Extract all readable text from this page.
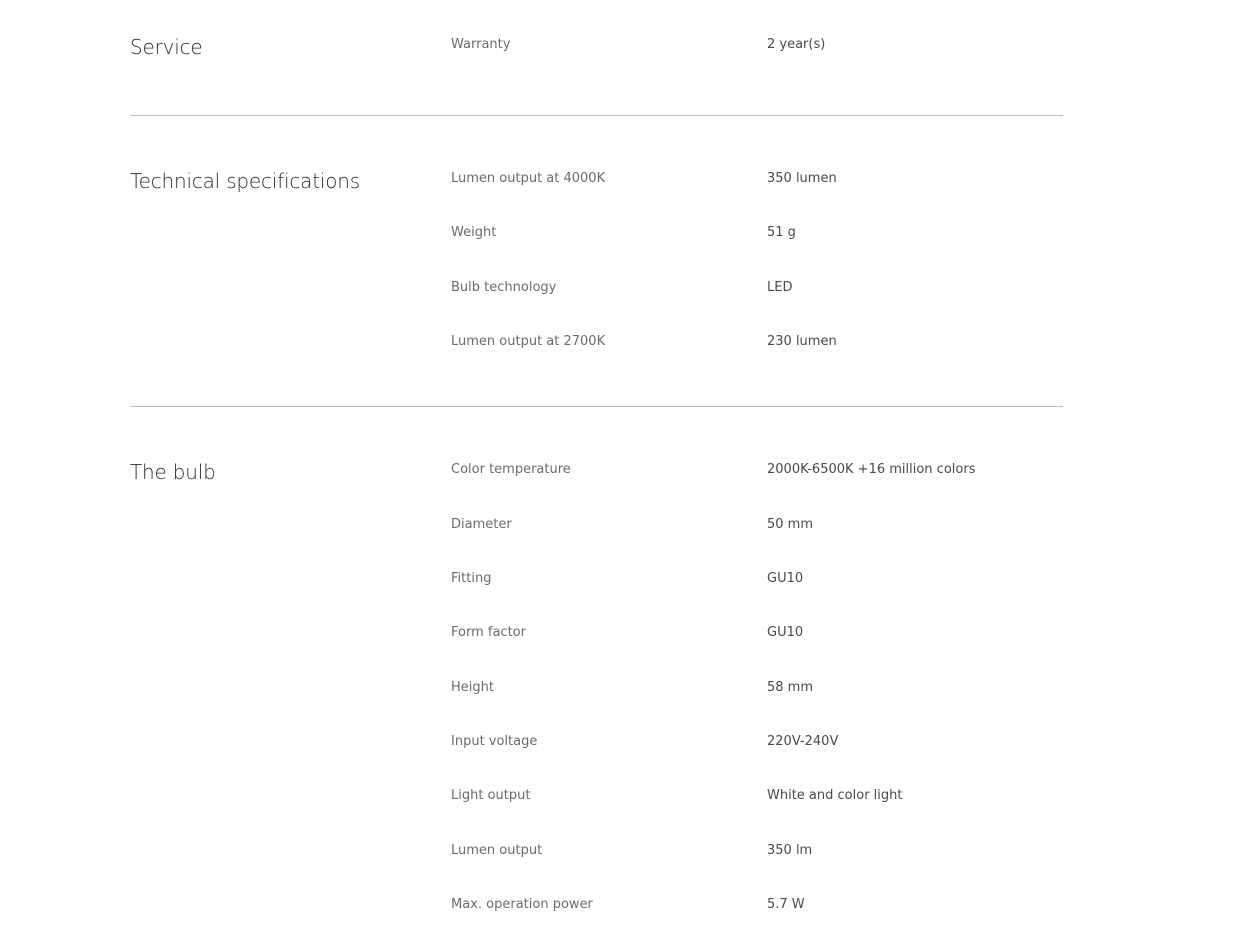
Service	Warranty	2 year(s)
Technical specifications	Lumen output at 4000K	350 lumen
Weight	51 g
Bulb technology	LED
Lumen output at 2700K	230 lumen
The bulb	Color temperature	2000K-6500K +16 million colors
Diameter	50 mm
Fitting	GU10
Form factor	GU10
Height	58 mm
Input voltage	220V-240V
Light output	White and color light
Lumen output	350 lm
Max. operation power	5.7 W
